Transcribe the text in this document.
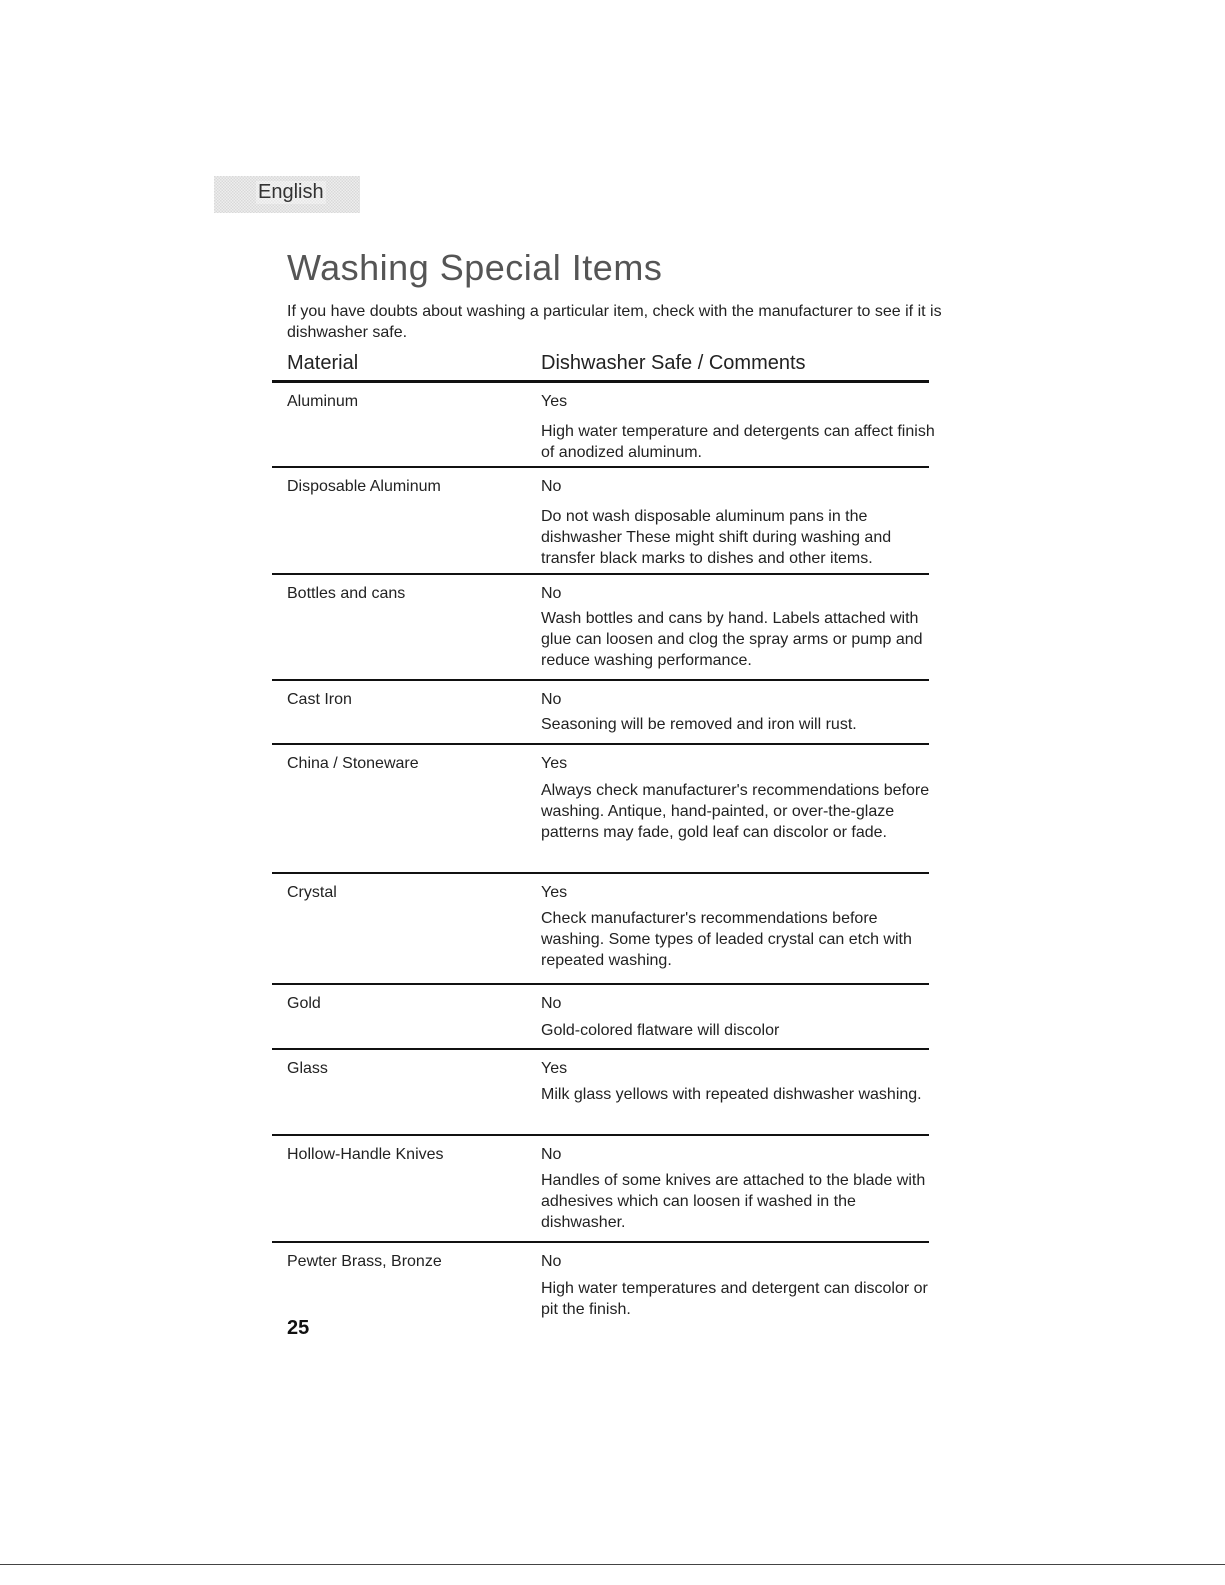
English
Washing Special Items

If you have doubts about washing a particular item, check with the manufacturer to see if it is dishwasher safe.

Material	Dishwasher Safe / Comments
Aluminum	Yes
High water temperature and detergents can affect finish of anodized aluminum.
Disposable Aluminum	No
Do not wash disposable aluminum pans in the dishwasher These might shift during washing and transfer black marks to dishes and other items.
Bottles and cans	No
Wash bottles and cans by hand. Labels attached with glue can loosen and clog the spray arms or pump and reduce washing performance.
Cast Iron	No
Seasoning will be removed and iron will rust.
China / Stoneware	Yes
Always check manufacturer's recommendations before washing. Antique, hand-painted, or over-the-glaze patterns may fade, gold leaf can discolor or fade.
Crystal	Yes
Check manufacturer's recommendations before washing. Some types of leaded crystal can etch with repeated washing.
Gold	No
Gold-colored flatware will discolor
Glass	Yes
Milk glass yellows with repeated dishwasher washing.
Hollow-Handle Knives	No
Handles of some knives are attached to the blade with adhesives which can loosen if washed in the dishwasher.
Pewter Brass, Bronze	No
High water temperatures and detergent can discolor or pit the finish.
25
